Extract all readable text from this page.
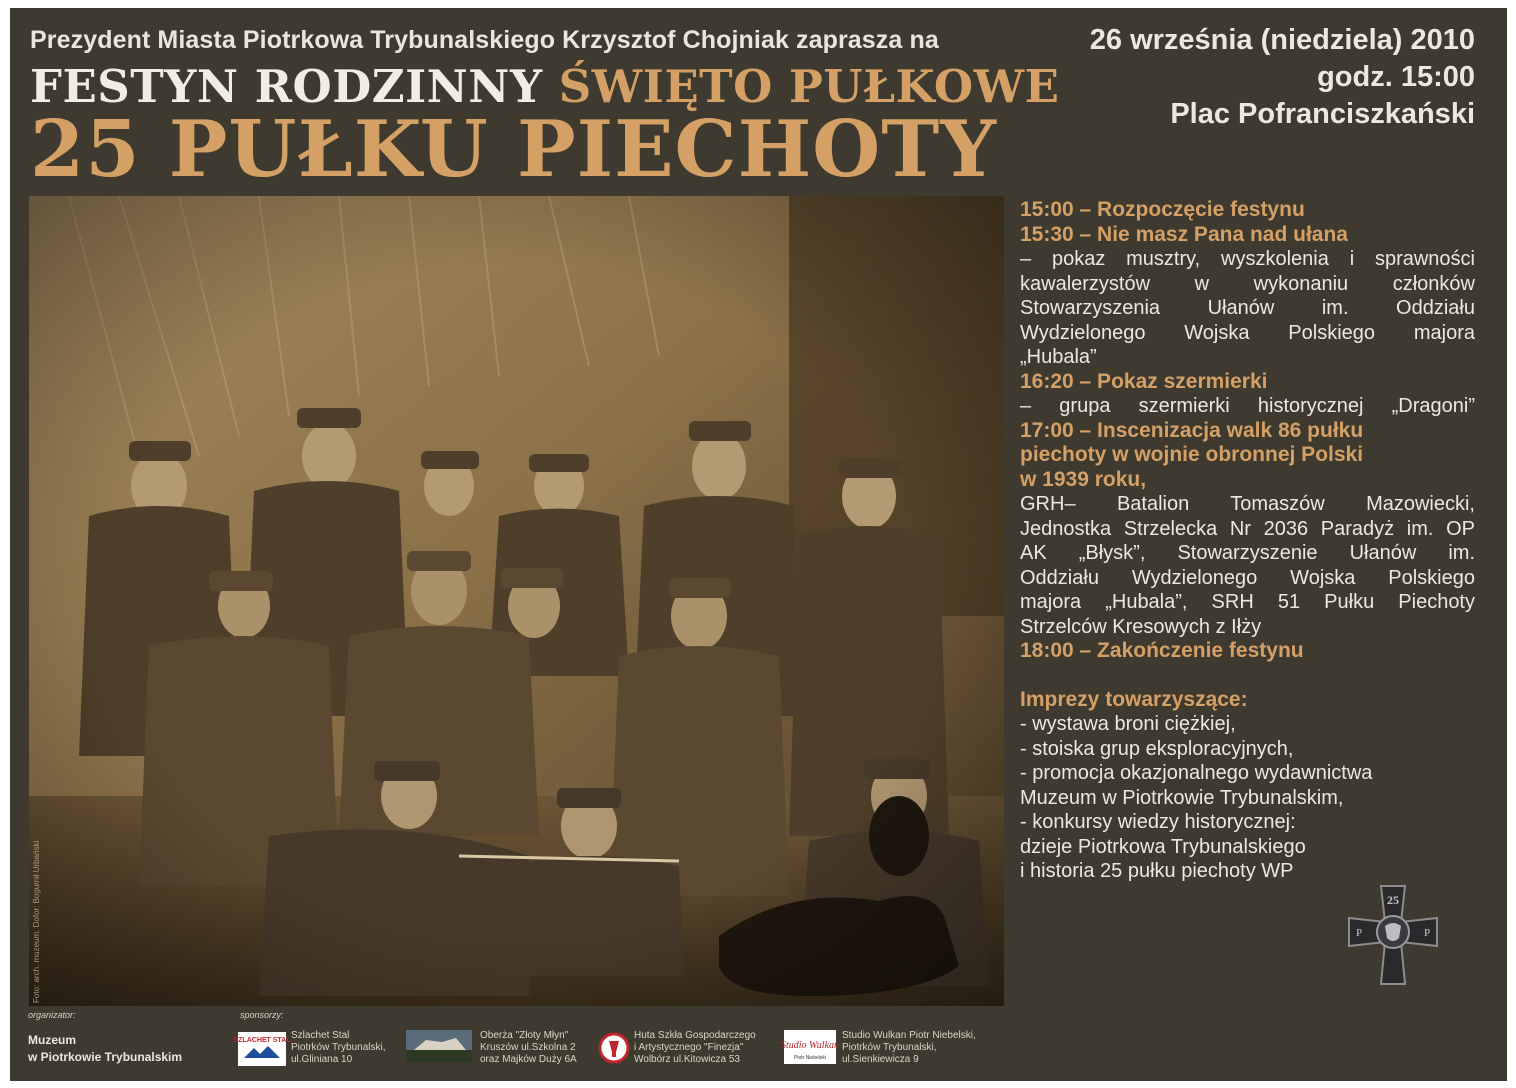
Prezydent Miasta Piotrkowa Trybunalskiego Krzysztof Chojniak zaprasza na
FESTYN RODZINNY ŚWIĘTO PUŁKOWE
25 PUŁKU PIECHOTY
26 września (niedziela) 2010
godz. 15:00
Plac Pofranciszkański
Foto: arch. muzeum. Dofor: Bogumił Urbański
15:00 – Rozpoczęcie festynu
15:30 – Nie masz Pana nad ułana
– pokaz musztry, wyszkolenia i sprawności
kawalerzystów w wykonaniu członków
Stowarzyszenia Ułanów im. Oddziału
Wydzielonego Wojska Polskiego majora
„Hubala”
16:20 – Pokaz szermierki
– grupa szermierki historycznej „Dragoni”
17:00 – Inscenizacja walk 86 pułku
piechoty w wojnie obronnej Polski
w 1939 roku,
GRH– Batalion Tomaszów Mazowiecki,
Jednostka Strzelecka Nr 2036 Paradyż im. OP
AK „Błysk”, Stowarzyszenie Ułanów im.
Oddziału Wydzielonego Wojska Polskiego
majora „Hubala”, SRH 51 Pułku Piechoty
Strzelców Kresowych z Iłży
18:00 – Zakończenie festynu
Imprezy towarzyszące:
- wystawa broni ciężkiej,
- stoiska grup eksploracyjnych,
- promocja okazjonalnego wydawnictwa
Muzeum w Piotrkowie Trybunalskim,
- konkursy wiedzy historycznej:
dzieje Piotrkowa Trybunalskiego
i historia 25 pułku piechoty WP
25
P	P
organizator:
Muzeum
w Piotrkowie Trybunalskim
sponsorzy:
SZLACHET STAL Szlachet Stal
Piotrków Trybunalski,
ul.Gliniana 10
Oberża "Złoty Młyn"
Kruszów ul.Szkolna 2
oraz Majków Duży 6A
Huta Szkła Gospodarczego
i Artystycznego "Finezja"
Wolbórz ul.Kitowicza 53
Studio Wulkan
Piotr Niebelski
Studio Wulkan Piotr Niebelski,
Piotrków Trybunalski,
ul.Sienkiewicza 9
